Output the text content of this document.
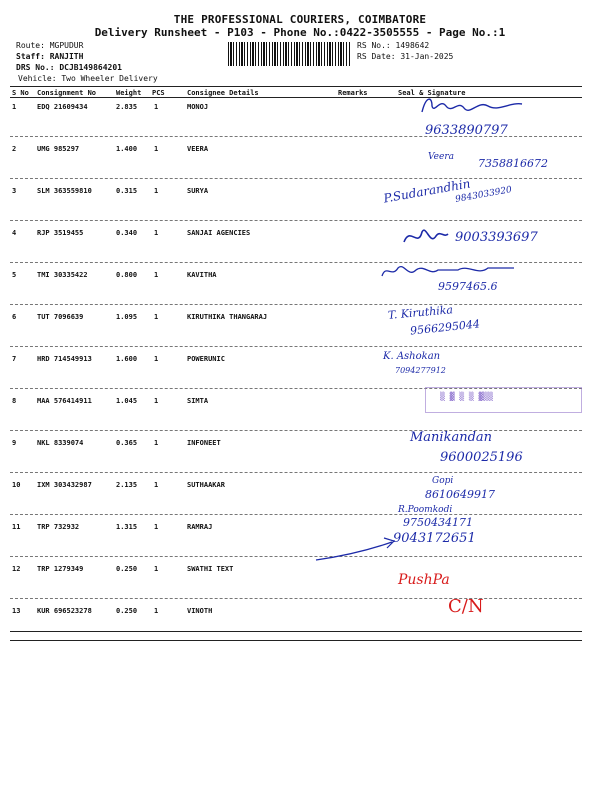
THE PROFESSIONAL COURIERS, COIMBATORE
Delivery Runsheet - P103 - Phone No.:0422-3505555 - Page No.:1
Route: MGPUDUR
Staff: RANJITH
DRS No.: DCJB149864201
Vehicle: Two Wheeler Delivery
RS No.: 1498642
RS Date: 31-Jan-2025
S No Consignment No	Weight PCS	Consignee Details	Remarks	Seal & Signature
1	EDQ 21609434	2.835 1	MONOJ
2	UMG 985297	1.400 1	VEERA
3	SLM 363559810	0.315 1	SURYA
4	RJP 3519455	0.340 1	SANJAI AGENCIES
5	TMI 30335422	0.800 1	KAVITHA
6	TUT 7096639	1.095 1	KIRUTHIKA THANGARAJ
7	HRD 714549913	1.600 1	POWERUNIC
8	MAA 576414911	1.045 1	SIMTA
9	NKL 8339074	0.365 1	INFONEET
10 IXM 303432987	2.135 1	SUTHAAKAR
11 TRP 732932	1.315 1	RAMRAJ
12 TRP 1279349	0.250 1	SWATHI TEXT
13 KUR 696523278	0.250 1	VINOTH
9633890797
Veera 7358816672
P.Sudarandhin
9843033920
9003393697
9597465.6
T. Kiruthika
9566295044
K. Ashokan
7094277912
▒ ▓ ▒ ▒ ▓▒▒
Manikandan
9600025196
Gopi
8610649917
R.Poomkodi
9750434171
9043172651
PushPa
C/N
